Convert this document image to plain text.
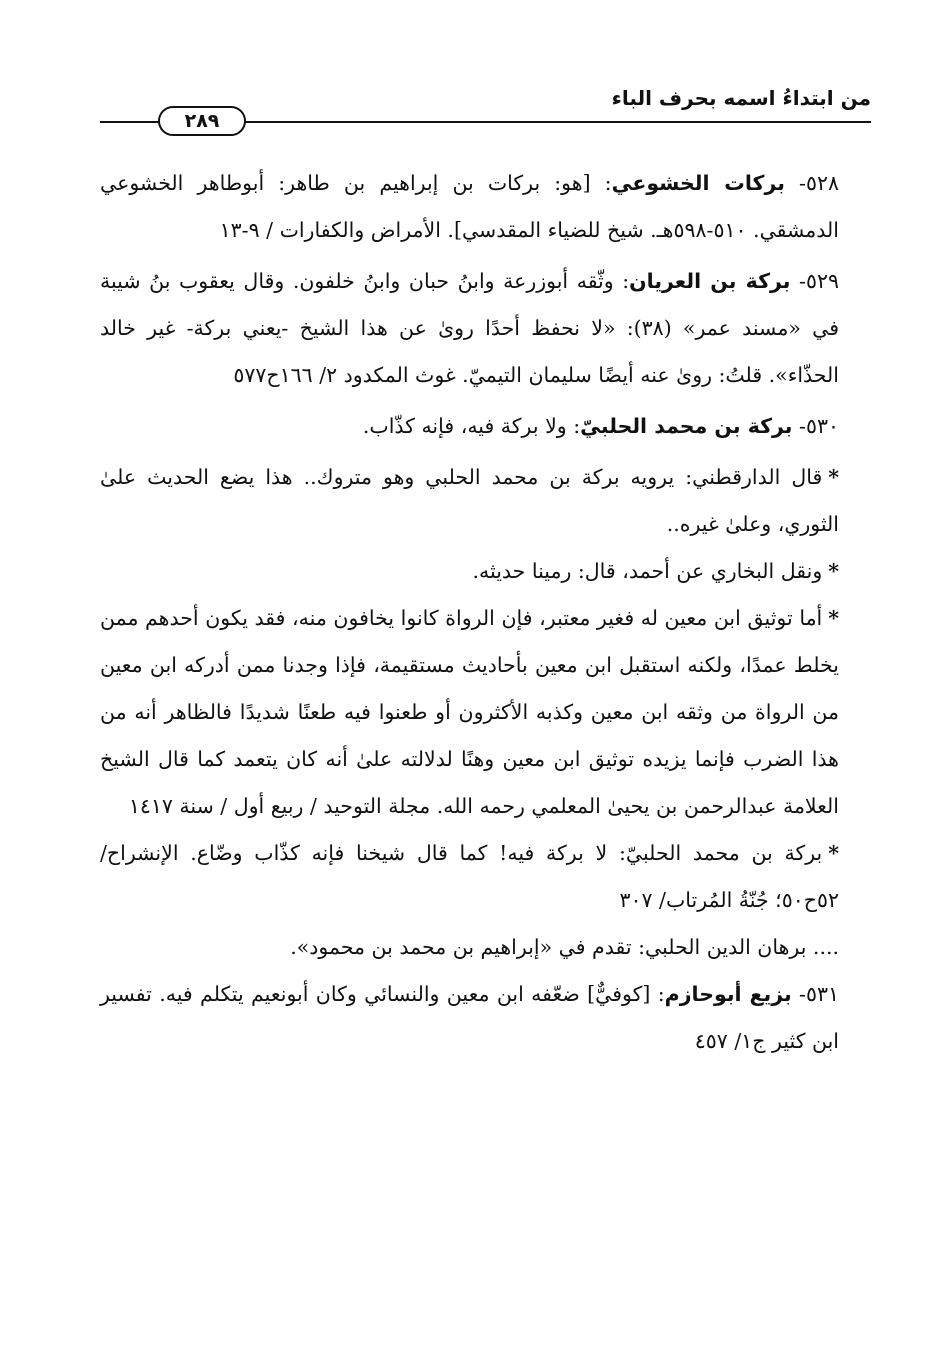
من ابتداءُ اسمه بحرف الباء
٢٨٩

٥٢٨- بركات الخشوعي: [هو: بركات بن إبراهيم بن طاهر: أبوطاهر الخشوعي الدمشقي. ٥١٠-٥٩٨هـ. شيخ للضياء المقدسي]. الأمراض والكفارات / ٩-١٣

٥٢٩- بركة بن العريان: وثّقه أبوزرعة وابنُ حبان وابنُ خلفون. وقال يعقوب بنُ شيبة في «مسند عمر» (٣٨): «لا نحفظ أحدًا روىٰ عن هذا الشيخ -يعني بركة- غير خالد الحذّاء». قلتُ: روىٰ عنه أيضًا سليمان التيميّ. غوث المكدود ٢/ ١٦٦ح٥٧٧

٥٣٠- بركة بن محمد الحلبيّ: ولا بركة فيه، فإنه كذّاب.

*قال الدارقطني: يرويه بركة بن محمد الحلبي وهو متروك.. هذا يضع الحديث علىٰ الثوري، وعلىٰ غيره..

*ونقل البخاري عن أحمد، قال: رمينا حديثه.

*أما توثيق ابن معين له فغير معتبر، فإن الرواة كانوا يخافون منه، فقد يكون أحدهم ممن يخلط عمدًا، ولكنه استقبل ابن معين بأحاديث مستقيمة، فإذا وجدنا ممن أدركه ابن معين من الرواة من وثقه ابن معين وكذبه الأكثرون أو طعنوا فيه طعنًا شديدًا فالظاهر أنه من هذا الضرب فإنما يزيده توثيق ابن معين وهنًا لدلالته علىٰ أنه كان يتعمد كما قال الشيخ العلامة عبدالرحمن بن يحيىٰ المعلمي رحمه الله. مجلة التوحيد / ربيع أول / سنة ١٤١٧

*بركة بن محمد الحلبيّ: لا بركة فيه! كما قال شيخنا فإنه كذّاب وضّاع. الإنشراح/ ٥٢ح٥٠؛ جُنّةُ المُرتاب/ ٣٠٧

.... برهان الدين الحلبي: تقدم في «إبراهيم بن محمد بن محمود».

٥٣١- بزيع أبوحازم: [كوفيٌّ] ضعّفه ابن معين والنسائي وكان أبونعيم يتكلم فيه. تفسير ابن كثير ج١/ ٤٥٧
